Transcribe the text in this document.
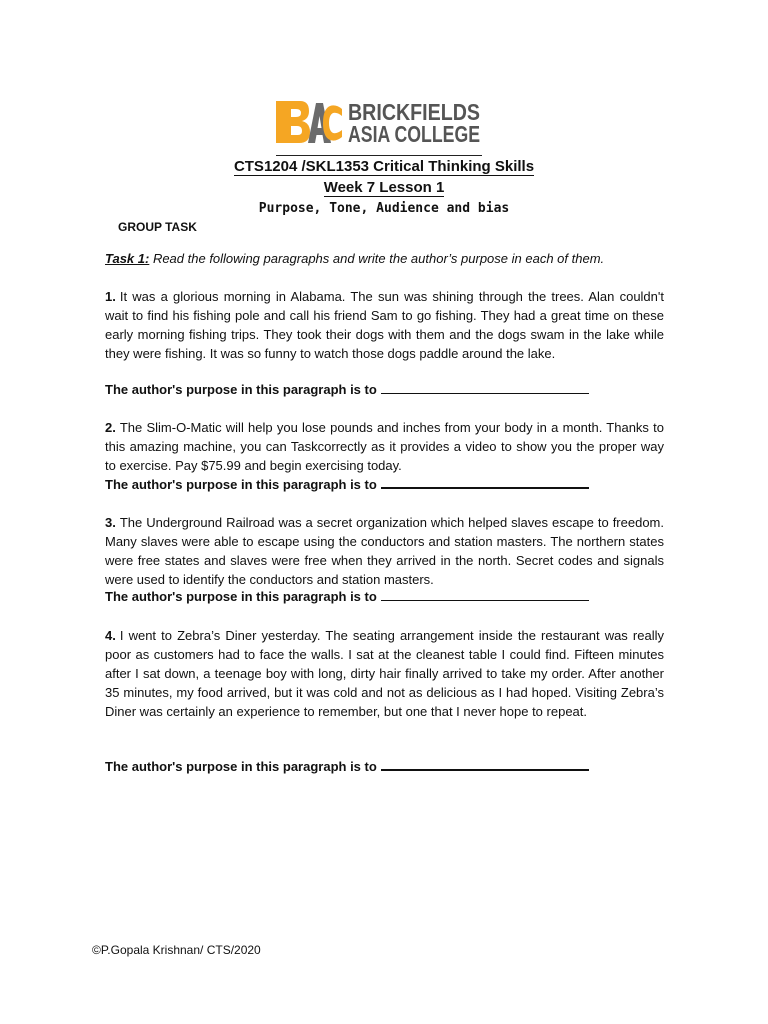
BRICKFIELDS
ASIA COLLEGE
CTS1204 /SKL1353 Critical Thinking Skills
Week 7 Lesson 1
Purpose, Tone, Audience and bias
GROUP TASK
Task 1: Read the following paragraphs and write the author’s purpose in each of them.
1. It was a glorious morning in Alabama. The sun was shining through the trees. Alan couldn't wait to find his fishing pole and call his friend Sam to go fishing. They had a great time on these early morning fishing trips. They took their dogs with them and the dogs swam in the lake while they were fishing. It was so funny to watch those dogs paddle around the lake.
The author's purpose in this paragraph is to
2. The Slim-O-Matic will help you lose pounds and inches from your body in a month. Thanks to this amazing machine, you can Taskcorrectly as it provides a video to show you the proper way to exercise. Pay $75.99 and begin exercising today.
The author's purpose in this paragraph is to
3. The Underground Railroad was a secret organization which helped slaves escape to freedom. Many slaves were able to escape using the conductors and station masters. The northern states were free states and slaves were free when they arrived in the north. Secret codes and signals were used to identify the conductors and station masters.
The author's purpose in this paragraph is to
4. I went to Zebra’s Diner yesterday. The seating arrangement inside the restaurant was really poor as customers had to face the walls. I sat at the cleanest table I could find. Fifteen minutes after I sat down, a teenage boy with long, dirty hair finally arrived to take my order. After another 35 minutes, my food arrived, but it was cold and not as delicious as I had hoped. Visiting Zebra’s Diner was certainly an experience to remember, but one that I never hope to repeat.
The author's purpose in this paragraph is to
©P.Gopala Krishnan/ CTS/2020
